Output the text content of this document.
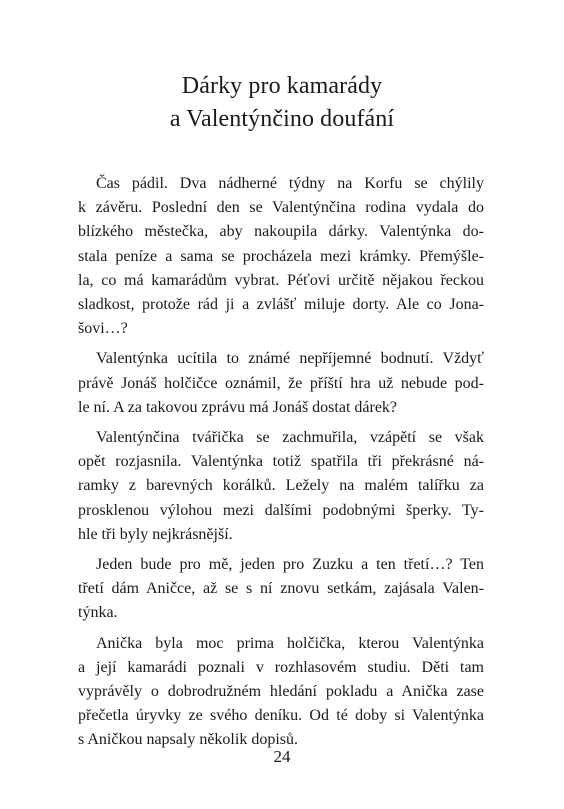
Dárky pro kamarády
a Valentýnčino doufání

Čas pádil. Dva nádherné týdny na Korfu se chýlily
k závěru. Poslední den se Valentýnčina rodina vydala do
blízkého městečka, aby nakoupila dárky. Valentýnka do-
stala peníze a sama se procházela mezi krámky. Přemýšle-
la, co má kamarádům vybrat. Péťovi určitě nějakou řeckou
sladkost, protože rád ji a zvlášť miluje dorty. Ale co Jona-
šovi…?

Valentýnka ucítila to známé nepříjemné bodnutí. Vždyť
právě Jonáš holčičce oznámil, že příští hra už nebude pod-
le ní. A za takovou zprávu má Jonáš dostat dárek?

Valentýnčina tvářička se zachmuřila, vzápětí se však
opět rozjasnila. Valentýnka totiž spatřila tři překrásné ná-
ramky z barevných korálků. Ležely na malém talířku za
prosklenou výlohou mezi dalšími podobnými šperky. Ty-
hle tři byly nejkrásnější.

Jeden bude pro mě, jeden pro Zuzku a ten třetí…? Ten
třetí dám Aničce, až se s ní znovu setkám, zajásala Valen-
týnka.

Anička byla moc prima holčička, kterou Valentýnka
a její kamarádi poznali v rozhlasovém studiu. Děti tam
vyprávěly o dobrodružném hledání pokladu a Anička zase
přečetla úryvky ze svého deníku. Od té doby si Valentýnka
s Aničkou napsaly několik dopisů.

24
